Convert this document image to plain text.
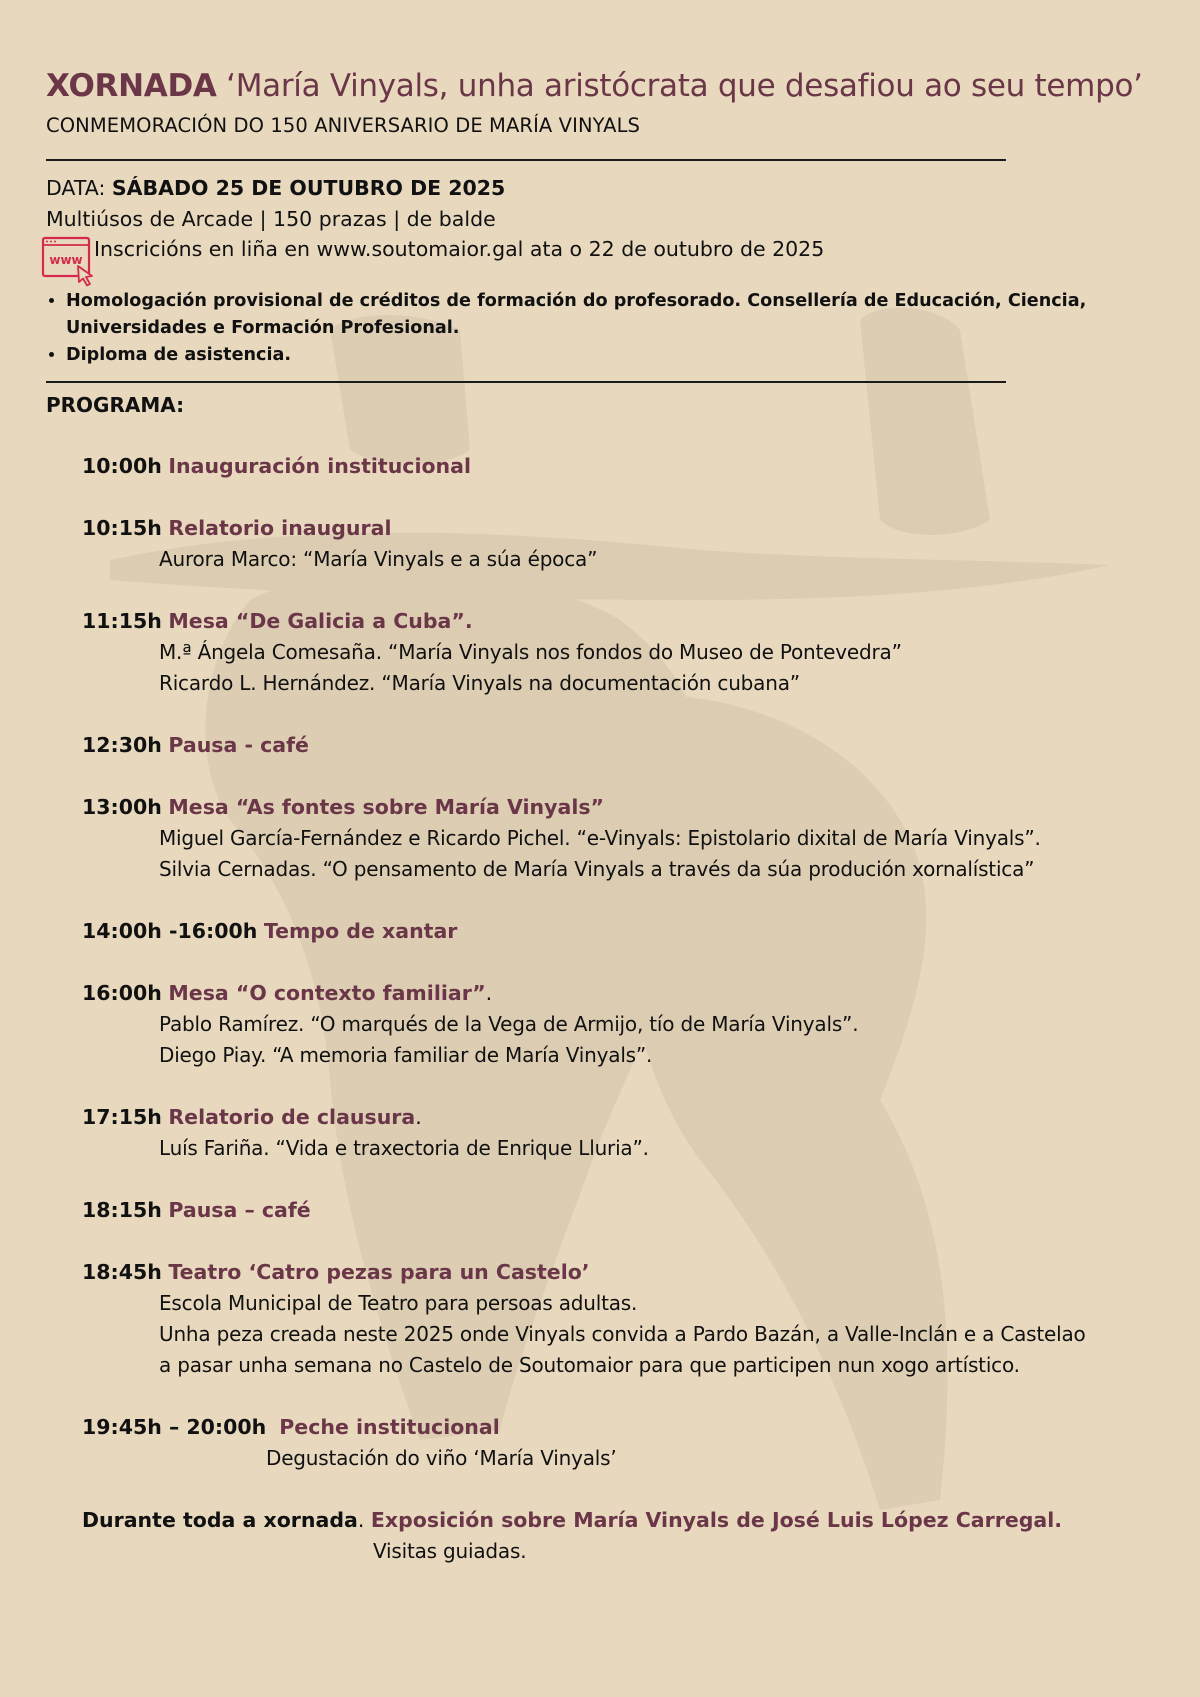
XORNADA ‘María Vinyals, unha aristócrata que desafiou ao seu tempo’
CONMEMORACIÓN DO 150 ANIVERSARIO DE MARÍA VINYALS
DATA: SÁBADO 25 DE OUTUBRO DE 2025
Multiúsos de Arcade | 150 prazas | de balde
www Inscricións en liña en www.soutomaior.gal ata o 22 de outubro de 2025
• Homologación provisional de créditos de formación do profesorado. Consellería de Educación, Ciencia, Universidades e Formación Profesional.
• Diploma de asistencia.
PROGRAMA:
10:00h Inauguración institucional
10:15h Relatorio inaugural
Aurora Marco: “María Vinyals e a súa época”
11:15h Mesa “De Galicia a Cuba”.
M.ª Ángela Comesaña. “María Vinyals nos fondos do Museo de Pontevedra”
Ricardo L. Hernández. “María Vinyals na documentación cubana”
12:30h Pausa - café
13:00h Mesa “As fontes sobre María Vinyals”
Miguel García-Fernández e Ricardo Pichel. “e-Vinyals: Epistolario dixital de María Vinyals”.
Silvia Cernadas. “O pensamento de María Vinyals a través da súa produción xornalística”
14:00h -16:00h Tempo de xantar
16:00h Mesa “O contexto familiar”.
Pablo Ramírez. “O marqués de la Vega de Armijo, tío de María Vinyals”.
Diego Piay. “A memoria familiar de María Vinyals”.
17:15h Relatorio de clausura.
Luís Fariña. “Vida e traxectoria de Enrique Lluria”.
18:15h Pausa – café
18:45h Teatro ‘Catro pezas para un Castelo’
Escola Municipal de Teatro para persoas adultas.
Unha peza creada neste 2025 onde Vinyals convida a Pardo Bazán, a Valle-Inclán e a Castelao
a pasar unha semana no Castelo de Soutomaior para que participen nun xogo artístico.
19:45h – 20:00h Peche institucional
Degustación do viño ‘María Vinyals’
Durante toda a xornada. Exposición sobre María Vinyals de José Luis López Carregal.
Visitas guiadas.
